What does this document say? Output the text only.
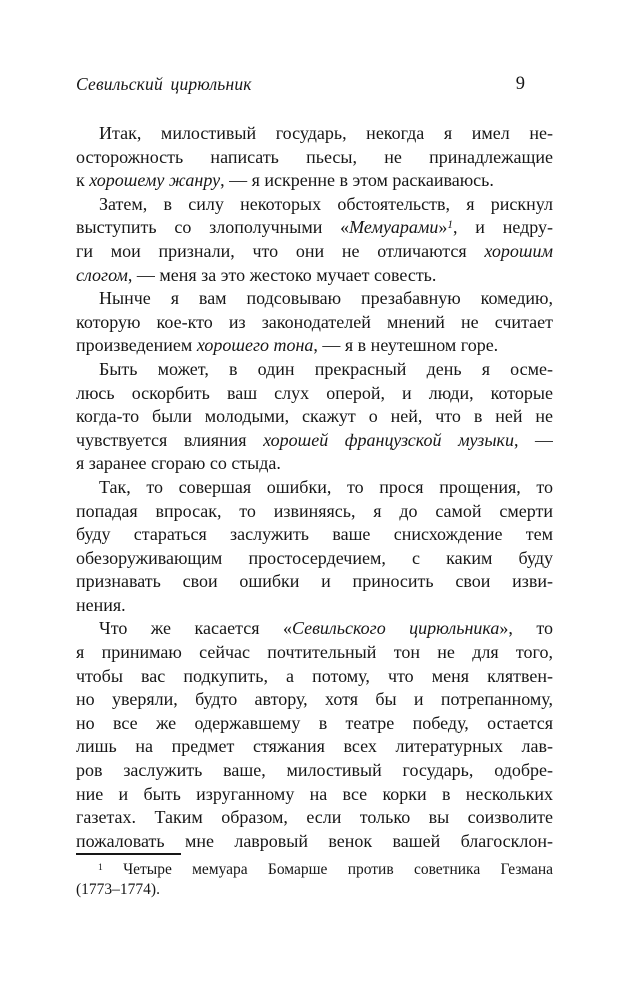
Севильский цирюльник	9
Итак, милостивый государь, некогда я имел не-
осторожность написать пьесы, не принадлежащие
к хорошему жанру, — я искренне в этом раскаиваюсь.
Затем, в силу некоторых обстоятельств, я рискнул
выступить со злополучными «Мемуарами»$^1$, и недру-
ги мои признали, что они не отличаются хорошим
слогом, — меня за это жестоко мучает совесть.
Нынче я вам подсовываю презабавную комедию,
которую кое-кто из законодателей мнений не считает
произведением хорошего тона, — я в неутешном горе.
Быть может, в один прекрасный день я осме-
люсь оскорбить ваш слух оперой, и люди, которые
когда-то были молодыми, скажут о ней, что в ней не
чувствуется влияния хорошей французской музыки, —
я заранее сгораю со стыда.
Так, то совершая ошибки, то прося прощения, то
попадая впросак, то извиняясь, я до самой смерти
буду стараться заслужить ваше снисхождение тем
обезоруживающим простосердечием, с каким буду
признавать свои ошибки и приносить свои изви-
нения.
Что же касается «Севильского цирюльника», то
я принимаю сейчас почтительный тон не для того,
чтобы вас подкупить, а потому, что меня клятвен-
но уверяли, будто автору, хотя бы и потрепанному,
но все же одержавшему в театре победу, остается
лишь на предмет стяжания всех литературных лав-
ров заслужить ваше, милостивый государь, одобре-
ние и быть изруганному на все корки в нескольких
газетах. Таким образом, если только вы соизволите
пожаловать мне лавровый венок вашей благосклон-
$^1$ Четыре мемуара Бомарше против советника Гезмана
(1773–1774).
